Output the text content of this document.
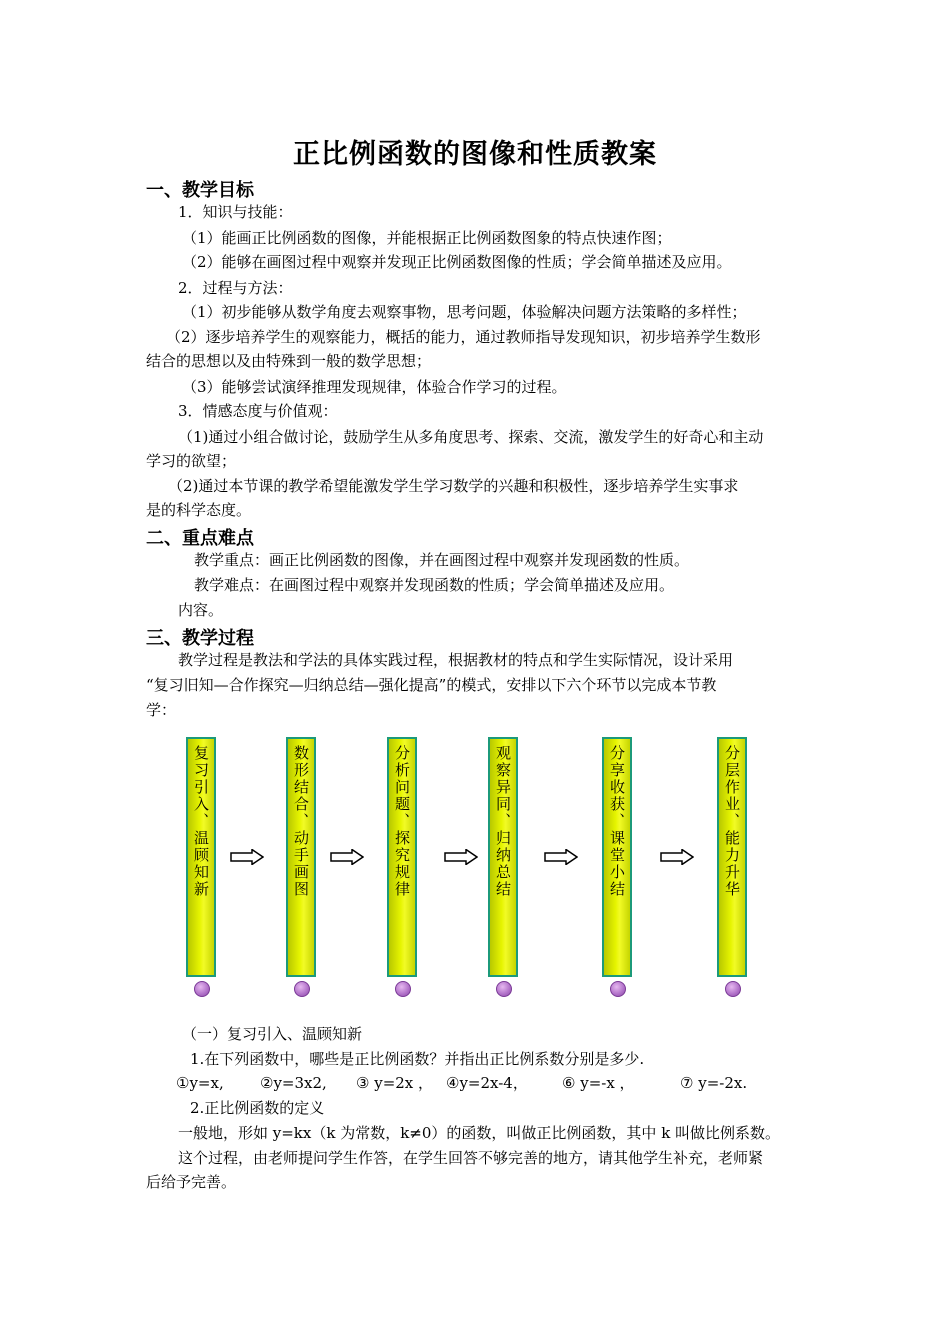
正比例函数的图像和性质教案
一、教学目标
1．知识与技能：
（1）能画正比例函数的图像，并能根据正比例函数图象的特点快速作图；
（2）能够在画图过程中观察并发现正比例函数图像的性质；学会简单描述及应用。
2．过程与方法：
（1）初步能够从数学角度去观察事物，思考问题，体验解决问题方法策略的多样性；
（2）逐步培养学生的观察能力，概括的能力，通过教师指导发现知识，初步培养学生数形
结合的思想以及由特殊到一般的数学思想；
（3）能够尝试演绎推理发现规律，体验合作学习的过程。
3．情感态度与价值观：
（1)通过小组合做讨论，鼓励学生从多角度思考、探索、交流，激发学生的好奇心和主动
学习的欲望；
（2)通过本节课的教学希望能激发学生学习数学的兴趣和积极性，逐步培养学生实事求
是的科学态度。
二、重点难点
教学重点：画正比例函数的图像，并在画图过程中观察并发现函数的性质。
教学难点：在画图过程中观察并发现函数的性质；学会简单描述及应用。
内容。
三、教学过程
教学过程是教法和学法的具体实践过程，根据教材的特点和学生实际情况，设计采用
“复习旧知—合作探究—归纳总结—强化提高”的模式，安排以下六个环节以完成本节教
学：
复习引入、温顾知新	数形结合、动手画图	分析问题、探究规律	观察异同、归纳总结	分享收获、课堂小结	分层作业、能力升华
（一）复习引入、温顾知新
1.在下列函数中，哪些是正比例函数？并指出正比例系数分别是多少.
①y=x, ②y=3x2, ③ y=2x ， ④y=2x-4， ⑥ y=-x ，	⑦ y=-2x.
2.正比例函数的定义
一般地，形如 y=kx（k 为常数，k≠0）的函数，叫做正比例函数，其中 k 叫做比例系数。
这个过程，由老师提问学生作答，在学生回答不够完善的地方，请其他学生补充，老师紧
后给予完善。
